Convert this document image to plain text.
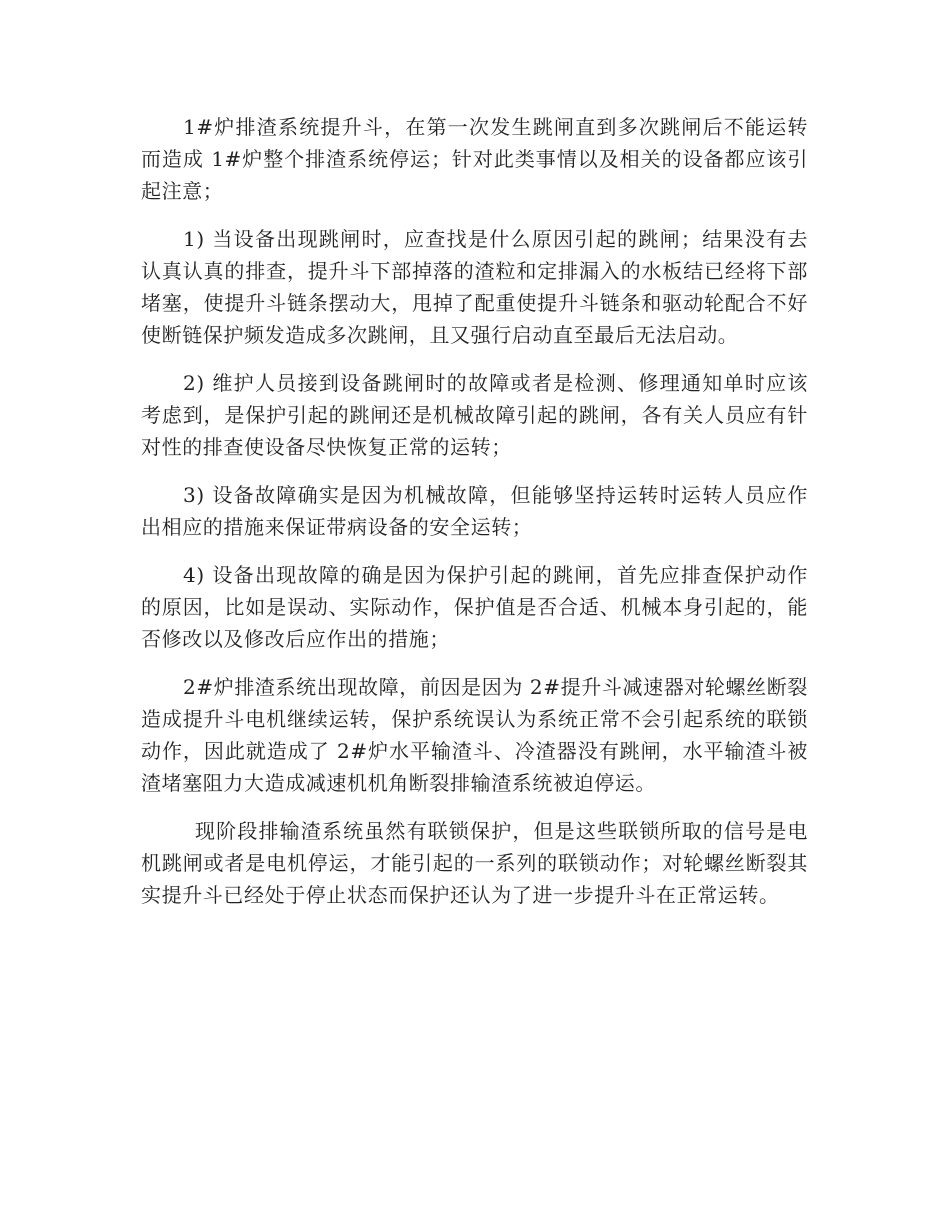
1#炉排渣系统提升斗，在第一次发生跳闸直到多次跳闸后不能运转而造成 1#炉整个排渣系统停运；针对此类事情以及相关的设备都应该引起注意；

1) 当设备出现跳闸时，应查找是什么原因引起的跳闸；结果没有去认真认真的排查，提升斗下部掉落的渣粒和定排漏入的水板结已经将下部堵塞，使提升斗链条摆动大，甩掉了配重使提升斗链条和驱动轮配合不好使断链保护频发造成多次跳闸，且又强行启动直至最后无法启动。

2) 维护人员接到设备跳闸时的故障或者是检测、修理通知单时应该考虑到，是保护引起的跳闸还是机械故障引起的跳闸，各有关人员应有针对性的排查使设备尽快恢复正常的运转；

3) 设备故障确实是因为机械故障，但能够坚持运转时运转人员应作出相应的措施来保证带病设备的安全运转；

4) 设备出现故障的确是因为保护引起的跳闸，首先应排查保护动作的原因，比如是误动、实际动作，保护值是否合适、机械本身引起的，能否修改以及修改后应作出的措施；

2#炉排渣系统出现故障，前因是因为 2#提升斗减速器对轮螺丝断裂造成提升斗电机继续运转，保护系统误认为系统正常不会引起系统的联锁动作，因此就造成了 2#炉水平输渣斗、冷渣器没有跳闸，水平输渣斗被渣堵塞阻力大造成减速机机角断裂排输渣系统被迫停运。

现阶段排输渣系统虽然有联锁保护，但是这些联锁所取的信号是电机跳闸或者是电机停运，才能引起的一系列的联锁动作；对轮螺丝断裂其实提升斗已经处于停止状态而保护还认为了进一步提升斗在正常运转。
